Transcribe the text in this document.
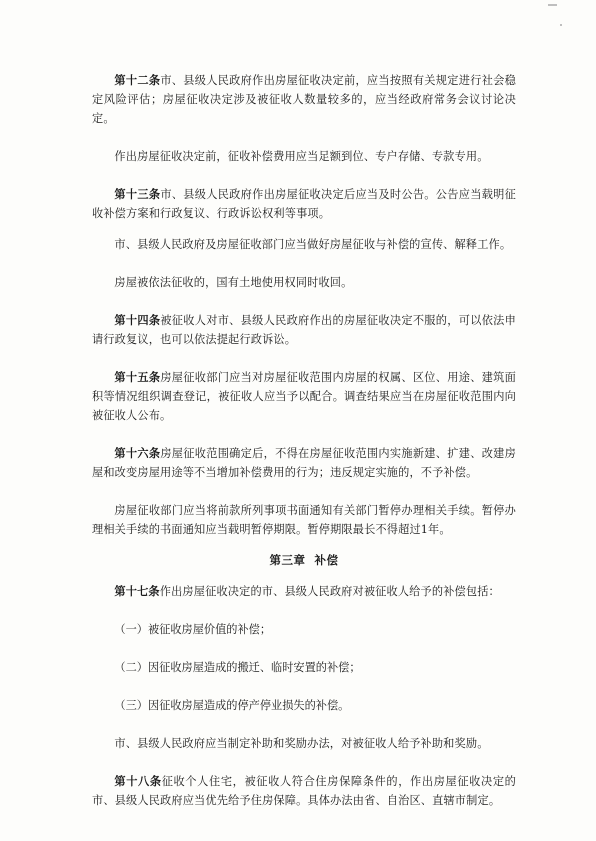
第十二条市、县级人民政府作出房屋征收决定前，应当按照有关规定进行社会稳定风险评估；房屋征收决定涉及被征收人数量较多的，应当经政府常务会议讨论决定。

作出房屋征收决定前，征收补偿费用应当足额到位、专户存储、专款专用。

第十三条市、县级人民政府作出房屋征收决定后应当及时公告。公告应当载明征收补偿方案和行政复议、行政诉讼权利等事项。

市、县级人民政府及房屋征收部门应当做好房屋征收与补偿的宣传、解释工作。

房屋被依法征收的，国有土地使用权同时收回。

第十四条被征收人对市、县级人民政府作出的房屋征收决定不服的，可以依法申请行政复议，也可以依法提起行政诉讼。

第十五条房屋征收部门应当对房屋征收范围内房屋的权属、区位、用途、建筑面积等情况组织调查登记，被征收人应当予以配合。调查结果应当在房屋征收范围内向被征收人公布。

第十六条房屋征收范围确定后，不得在房屋征收范围内实施新建、扩建、改建房屋和改变房屋用途等不当增加补偿费用的行为；违反规定实施的，不予补偿。

房屋征收部门应当将前款所列事项书面通知有关部门暂停办理相关手续。暂停办理相关手续的书面通知应当载明暂停期限。暂停期限最长不得超过1年。

第三章  补偿

第十七条作出房屋征收决定的市、县级人民政府对被征收人给予的补偿包括：

（一）被征收房屋价值的补偿；

（二）因征收房屋造成的搬迁、临时安置的补偿；

（三）因征收房屋造成的停产停业损失的补偿。

市、县级人民政府应当制定补助和奖励办法，对被征收人给予补助和奖励。

第十八条征收个人住宅，被征收人符合住房保障条件的，作出房屋征收决定的市、县级人民政府应当优先给予住房保障。具体办法由省、自治区、直辖市制定。
